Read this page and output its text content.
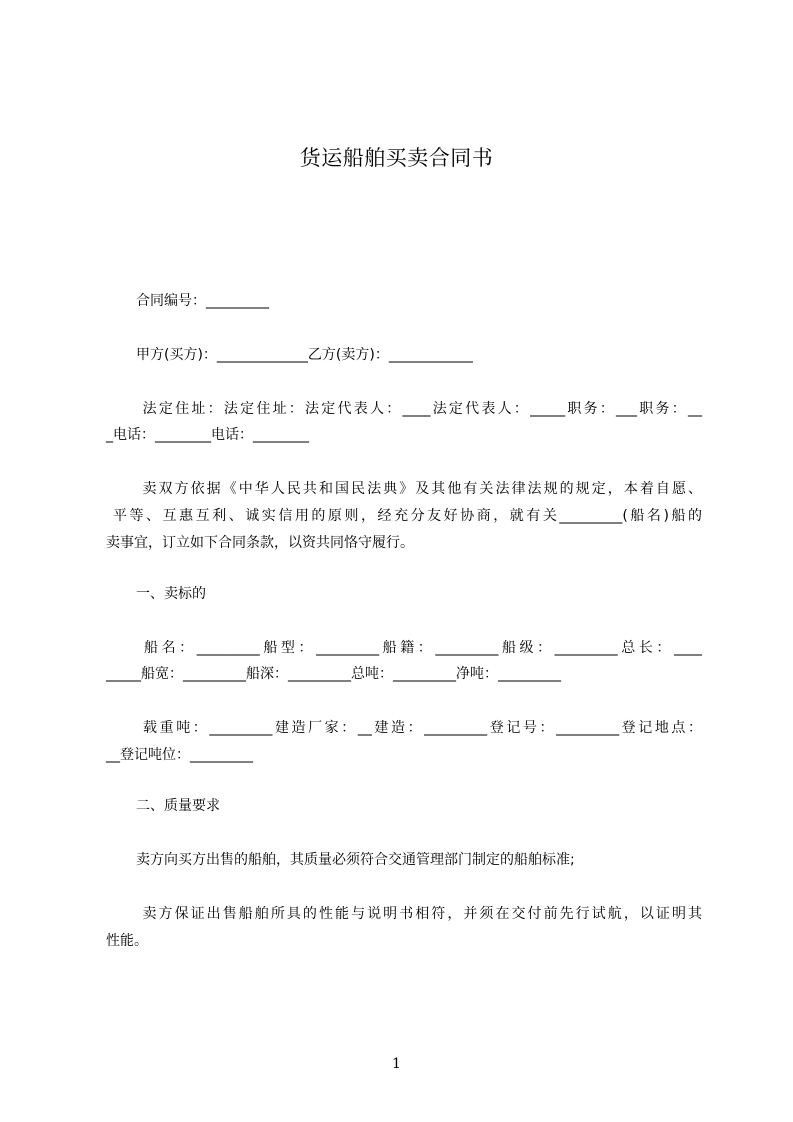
货运船舶买卖合同书
合同编号：_________
甲方(买方)：_____________乙方(卖方)：____________
法定住址：法定住址：法定代表人：____法定代表人：_____职务：___职务：__
_电话：________电话：________
卖双方依据《中华人民共和国民法典》及其他有关法律法规的规定，本着自愿、
平等、互惠互利、诚实信用的原则，经充分友好协商，就有关_________(船名)船的
卖事宜，订立如下合同条款，以资共同恪守履行。
一、卖标的
船名：_________船型：_________船籍：_________船级：_________总长：____
_____船宽：_________船深：_________总吨：_________净吨：_________
载重吨：_________建造厂家：__建造：_________登记号：_________登记地点：
__登记吨位：_________
二、质量要求
卖方向买方出售的船舶，其质量必须符合交通管理部门制定的船舶标准;
卖方保证出售船舶所具的性能与说明书相符，并须在交付前先行试航，以证明其
性能。
1
